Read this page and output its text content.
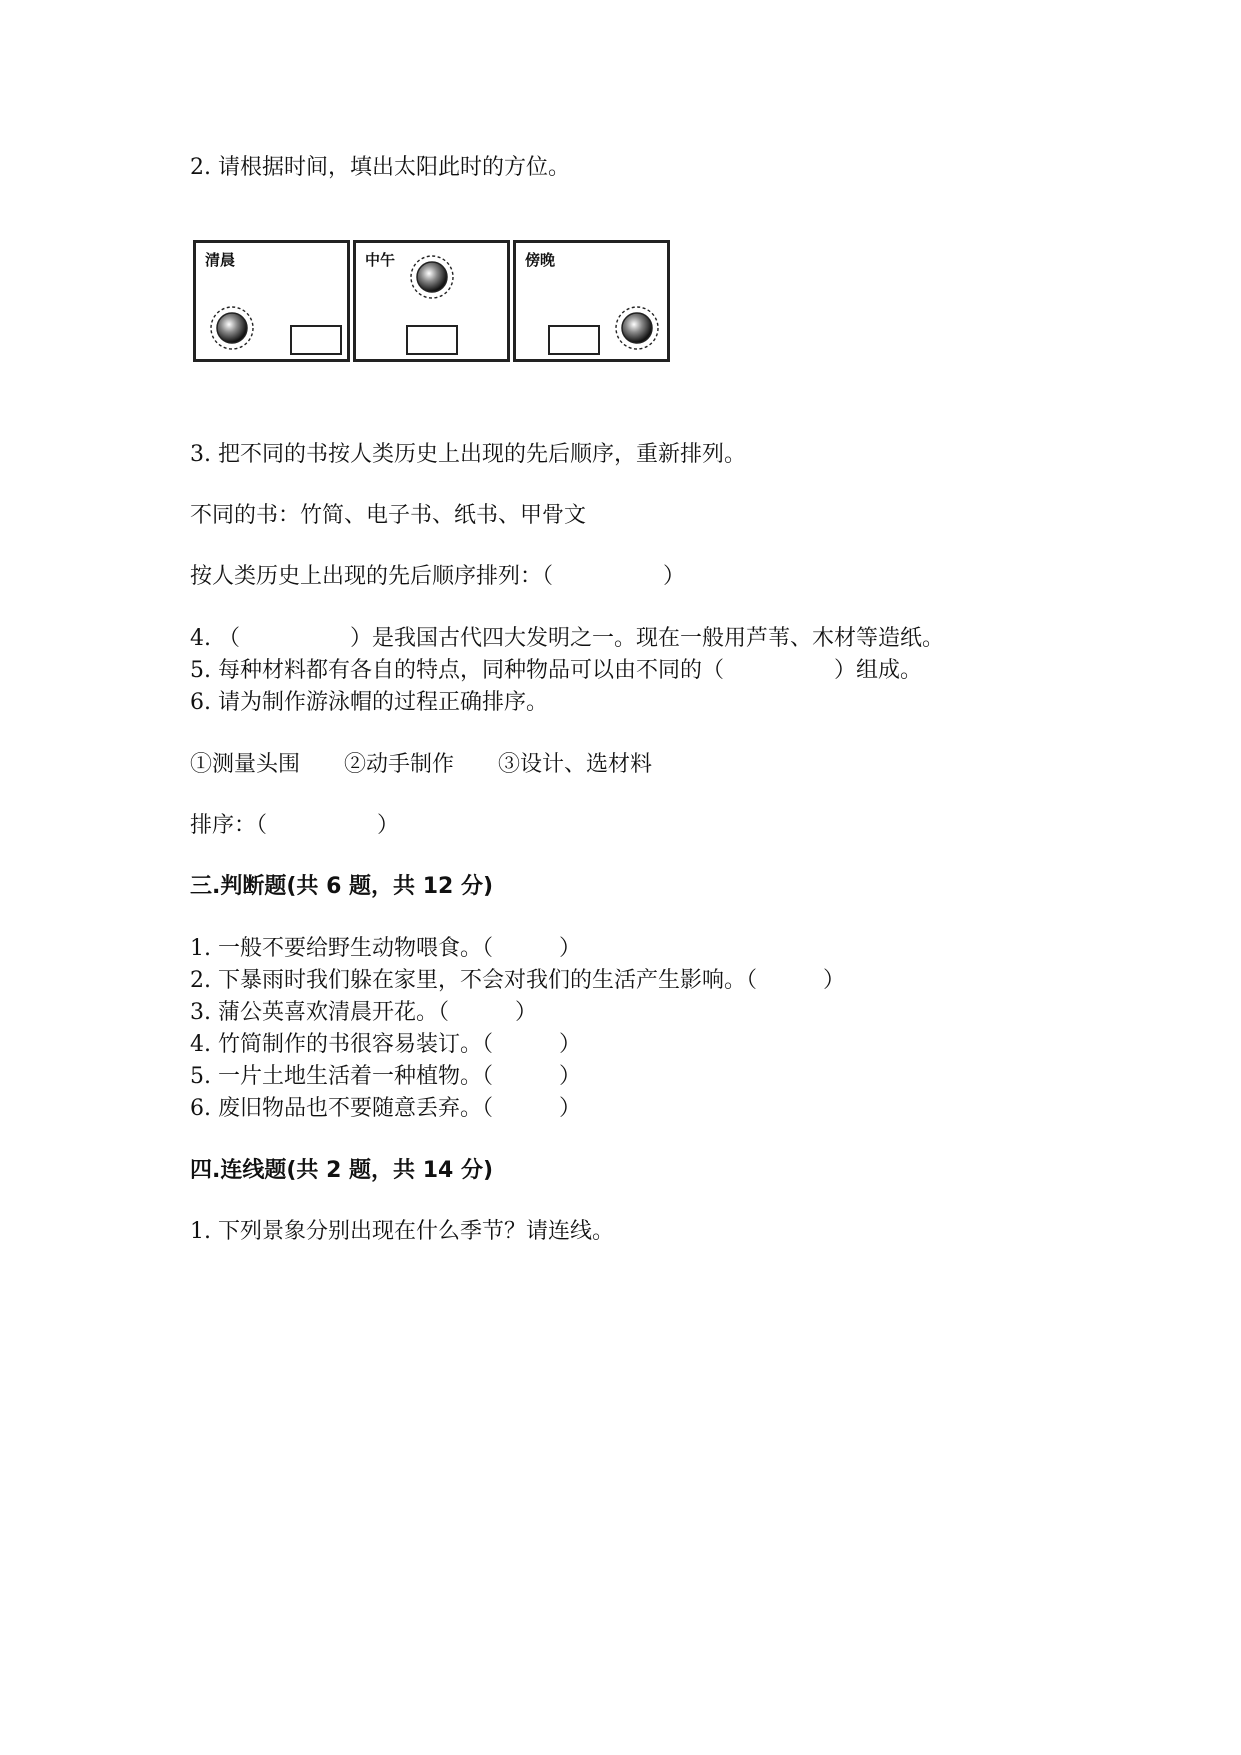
2. 请根据时间，填出太阳此时的方位。
清晨	中午	傍晚
3. 把不同的书按人类历史上出现的先后顺序，重新排列。
不同的书：竹简、电子书、纸书、甲骨文
按人类历史上出现的先后顺序排列：（　　　　　）
4. （　　　　　）是我国古代四大发明之一。现在一般用芦苇、木材等造纸。
5. 每种材料都有各自的特点，同种物品可以由不同的（　　　　　）组成。
6. 请为制作游泳帽的过程正确排序。
①测量头围　　②动手制作　　③设计、选材料
排序：（　　　　　）
三.判断题(共 6 题，共 12 分)
1. 一般不要给野生动物喂食。（　　　）
2. 下暴雨时我们躲在家里，不会对我们的生活产生影响。（　　　）
3. 蒲公英喜欢清晨开花。（　　　）
4. 竹简制作的书很容易装订。（　　　）
5. 一片土地生活着一种植物。（　　　）
6. 废旧物品也不要随意丢弃。（　　　）
四.连线题(共 2 题，共 14 分)
1. 下列景象分别出现在什么季节？请连线。
